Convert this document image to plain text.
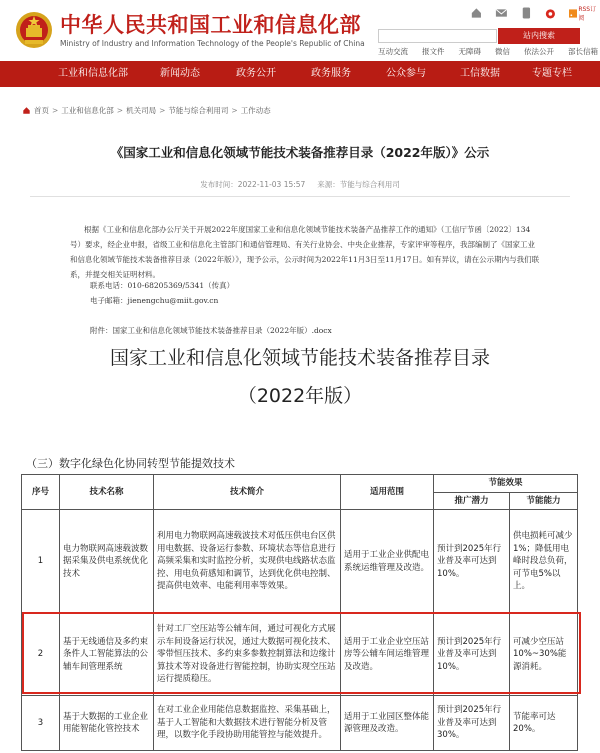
中华人民共和国工业和信息化部
Ministry of Industry and Information Technology of the People's Republic of China
RSS订阅
站内搜索
互动交流 报文件 无障碍 微信 依法公开 部长信箱
工业和信息化部	新闻动态	政务公开	政务服务	公众参与	工信数据	专题专栏
首页 > 工业和信息化部 > 机关司局 > 节能与综合利用司 > 工作动态
《国家工业和信息化领域节能技术装备推荐目录（2022年版）》公示
发布时间：2022-11-03 15:57 来源：节能与综合利用司
根据《工业和信息化部办公厅关于开展2022年度国家工业和信息化领域节能技术装备产品推荐工作的通知》（工信厅节函〔2022〕134号）要求，经企业申报，省级工业和信息化主管部门和通信管理局、有关行业协会、中央企业推荐，专家评审等程序，我部编制了《国家工业和信息化领域节能技术装备推荐目录（2022年版）》，现予公示，公示时间为2022年11月3日至11月17日。如有异议，请在公示期内与我们联系，并提交相关证明材料。
联系电话：010-68205369/5341（传真）
电子邮箱：jienengchu@miit.gov.cn
附件：国家工业和信息化领域节能技术装备推荐目录（2022年版）.docx
国家工业和信息化领域节能技术装备推荐目录
（2022年版）
（三）数字化绿色化协同转型节能提效技术
序号	技术名称	技术简介	适用范围	节能效果	
				推广潜力	节能能力
1	电力物联网高速载波数据采集及供电系统优化技术	利用电力物联网高速载波技术对低压供电台区供用电数据、设备运行参数、环境状态等信息进行高频采集和实时监控分析，实现供电线路状态监控、用电负荷感知和调节，达到优化供电控制、提高供电效率、电能利用率等效果。	适用于工业企业供配电系统运维管理及改造。	预计到2025年行业普及率可达到10%。	供电损耗可减少1%；降低用电峰时段总负荷，可节电5%以上。
2	基于无线通信及多约束条件人工智能算法的公辅车间管理系统	针对工厂空压站等公辅车间，通过可视化方式展示车间设备运行状况，通过大数据可视化技术、零带恒压技术、多约束多参数控制算法和边缘计算技术等对设备进行智能控制，协助实现空压站运行提质稳压。	适用于工业企业空压站房等公辅车间运维管理及改造。	预计到2025年行业普及率可达到10%。	可减少空压站10%~30%能源消耗。
3	基于大数据的工业企业用能智能化管控技术	在对工业企业用能信息数据监控、采集基础上，基于人工智能和大数据技术进行智能分析及管理，以数字化手段协助用能管控与能效提升。	适用于工业园区整体能源管理及改造。	预计到2025年行业普及率可达到30%。	节能率可达20%。
